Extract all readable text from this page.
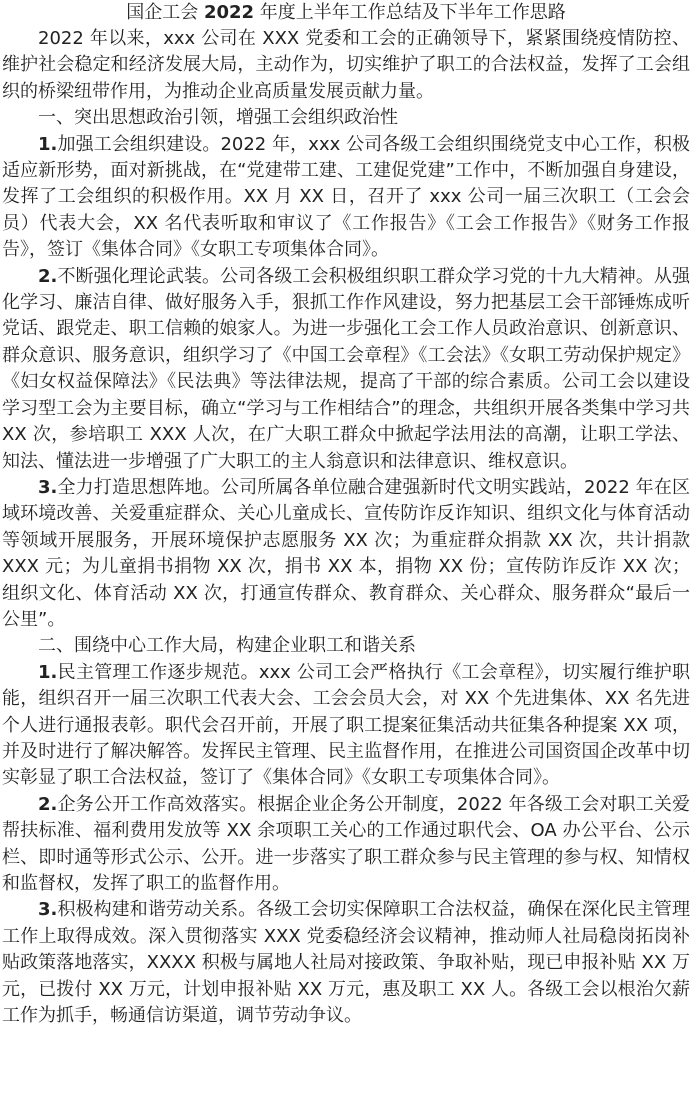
国企工会 2022 年度上半年工作总结及下半年工作思路

2022 年以来，xxx 公司在 XXX 党委和工会的正确领导下，紧紧围绕疫情防控、维护社会稳定和经济发展大局，主动作为，切实维护了职工的合法权益，发挥了工会组织的桥梁纽带作用，为推动企业高质量发展贡献力量。

一、突出思想政治引领，增强工会组织政治性

1.加强工会组织建设。2022 年，xxx 公司各级工会组织围绕党支中心工作，积极适应新形势，面对新挑战，在“党建带工建、工建促党建”工作中，不断加强自身建设，发挥了工会组织的积极作用。XX 月 XX 日，召开了 xxx 公司一届三次职工（工会会员）代表大会，XX 名代表听取和审议了《工作报告》《工会工作报告》《财务工作报告》，签订《集体合同》《女职工专项集体合同》。

2.不断强化理论武装。公司各级工会积极组织职工群众学习党的十九大精神。从强化学习、廉洁自律、做好服务入手，狠抓工作作风建设，努力把基层工会干部锤炼成听党话、跟党走、职工信赖的娘家人。为进一步强化工会工作人员政治意识、创新意识、群众意识、服务意识，组织学习了《中国工会章程》《工会法》《女职工劳动保护规定》《妇女权益保障法》《民法典》等法律法规，提高了干部的综合素质。公司工会以建设学习型工会为主要目标，确立“学习与工作相结合”的理念，共组织开展各类集中学习共 XX 次，参培职工 XXX 人次，在广大职工群众中掀起学法用法的高潮，让职工学法、知法、懂法进一步增强了广大职工的主人翁意识和法律意识、维权意识。

3.全力打造思想阵地。公司所属各单位融合建强新时代文明实践站，2022 年在区域环境改善、关爱重症群众、关心儿童成长、宣传防诈反诈知识、组织文化与体育活动等领域开展服务，开展环境保护志愿服务 XX 次；为重症群众捐款 XX 次，共计捐款 XXX 元；为儿童捐书捐物 XX 次，捐书 XX 本，捐物 XX 份；宣传防诈反诈 XX 次；组织文化、体育活动 XX 次，打通宣传群众、教育群众、关心群众、服务群众“最后一公里”。

二、围绕中心工作大局，构建企业职工和谐关系

1.民主管理工作逐步规范。xxx 公司工会严格执行《工会章程》，切实履行维护职能，组织召开一届三次职工代表大会、工会会员大会，对 XX 个先进集体、XX 名先进个人进行通报表彰。职代会召开前，开展了职工提案征集活动共征集各种提案 XX 项，并及时进行了解决解答。发挥民主管理、民主监督作用，在推进公司国资国企改革中切实彰显了职工合法权益，签订了《集体合同》《女职工专项集体合同》。

2.企务公开工作高效落实。根据企业企务公开制度，2022 年各级工会对职工关爱帮扶标准、福利费用发放等 XX 余项职工关心的工作通过职代会、OA 办公平台、公示栏、即时通等形式公示、公开。进一步落实了职工群众参与民主管理的参与权、知情权和监督权，发挥了职工的监督作用。

3.积极构建和谐劳动关系。各级工会切实保障职工合法权益，确保在深化民主管理工作上取得成效。深入贯彻落实 XXX 党委稳经济会议精神，推动师人社局稳岗拓岗补贴政策落地落实，XXXX 积极与属地人社局对接政策、争取补贴，现已申报补贴 XX 万元，已拨付 XX 万元，计划申报补贴 XX 万元，惠及职工 XX 人。各级工会以根治欠薪工作为抓手，畅通信访渠道，调节劳动争议。
